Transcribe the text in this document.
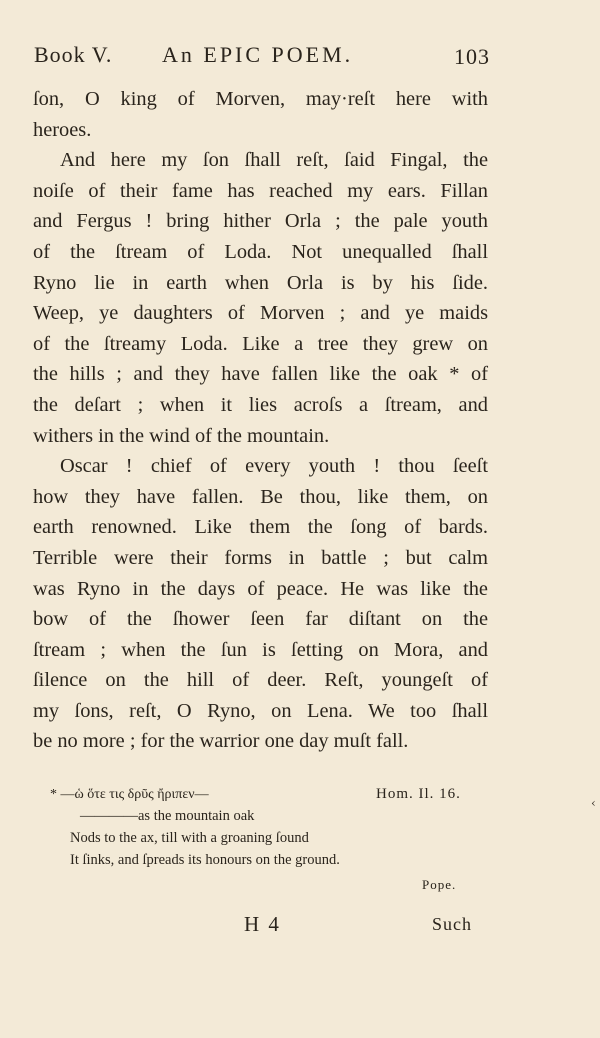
Book V. An EPIC POEM.	103
ſon, O king of Morven, may·reſt here with
heroes.
And here my ſon ſhall reſt, ſaid Fingal, the
noiſe of their fame has reached my ears. Fillan
and Fergus ! bring hither Orla ; the pale youth
of the ſtream of Loda. Not unequalled ſhall
Ryno lie in earth when Orla is by his ſide.
Weep, ye daughters of Morven ; and ye maids
of the ſtreamy Loda. Like a tree they grew on
the hills ; and they have fallen like the oak * of
the deſart ; when it lies acroſs a ſtream, and
withers in the wind of the mountain.
Oscar ! chief of every youth ! thou ſeeſt
how they have fallen. Be thou, like them, on
earth renowned. Like them the ſong of bards.
Terrible were their forms in battle ; but calm
was Ryno in the days of peace. He was like the
bow of the ſhower ſeen far diſtant on the
ſtream ; when the ſun is ſetting on Mora, and
ſilence on the hill of deer. Reſt, youngeſt of
my ſons, reſt, O Ryno, on Lena. We too ſhall
be no more ; for the warrior one day muſt fall.
* —ὡ ὅτε τις δρῦς ἤριπεν—	Hom. Il. 16.
————as the mountain oak
Nods to the ax, till with a groaning ſound
It ſinks, and ſpreads its honours on the ground.
Pope.
H 4	Such
‹
